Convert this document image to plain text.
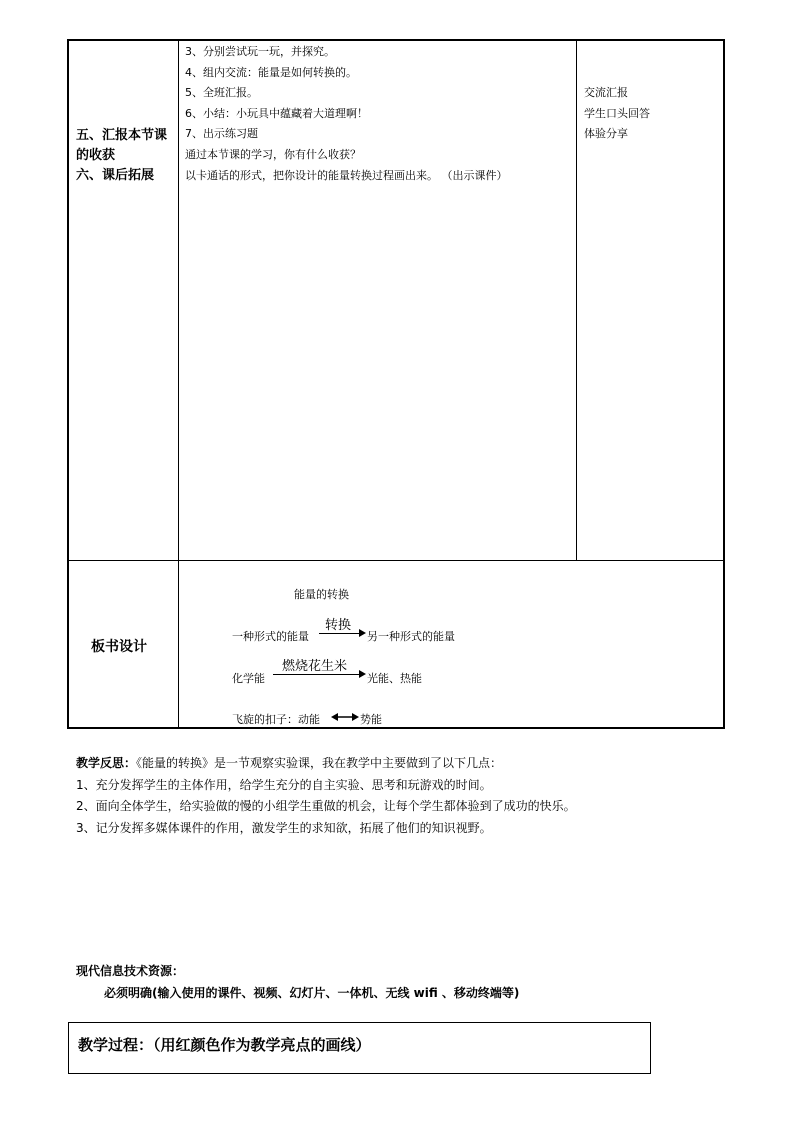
五、汇报本节课的收获
六、课后拓展
3、分别尝试玩一玩，并探究。
4、组内交流：能量是如何转换的。
5、全班汇报。
6、小结：小玩具中蕴藏着大道理啊！
7、出示练习题
通过本节课的学习，你有什么收获？
以卡通话的形式，把你设计的能量转换过程画出来。 （出示课件）
交流汇报
学生口头回答
体验分享
板书设计
能量的转换
一种形式的能量
转换
另一种形式的能量
化学能
燃烧花生米
光能、热能
飞旋的扣子：动能	势能
教学反思：《能量的转换》是一节观察实验课，我在教学中主要做到了以下几点：
1、充分发挥学生的主体作用，给学生充分的自主实验、思考和玩游戏的时间。
2、面向全体学生，给实验做的慢的小组学生重做的机会，让每个学生都体验到了成功的快乐。
3、记分发挥多媒体课件的作用，激发学生的求知欲，拓展了他们的知识视野。
现代信息技术资源：
必须明确(输入使用的课件、视频、幻灯片、一体机、无线 wifi 、移动终端等)
教学过程：（用红颜色作为教学亮点的画线）
